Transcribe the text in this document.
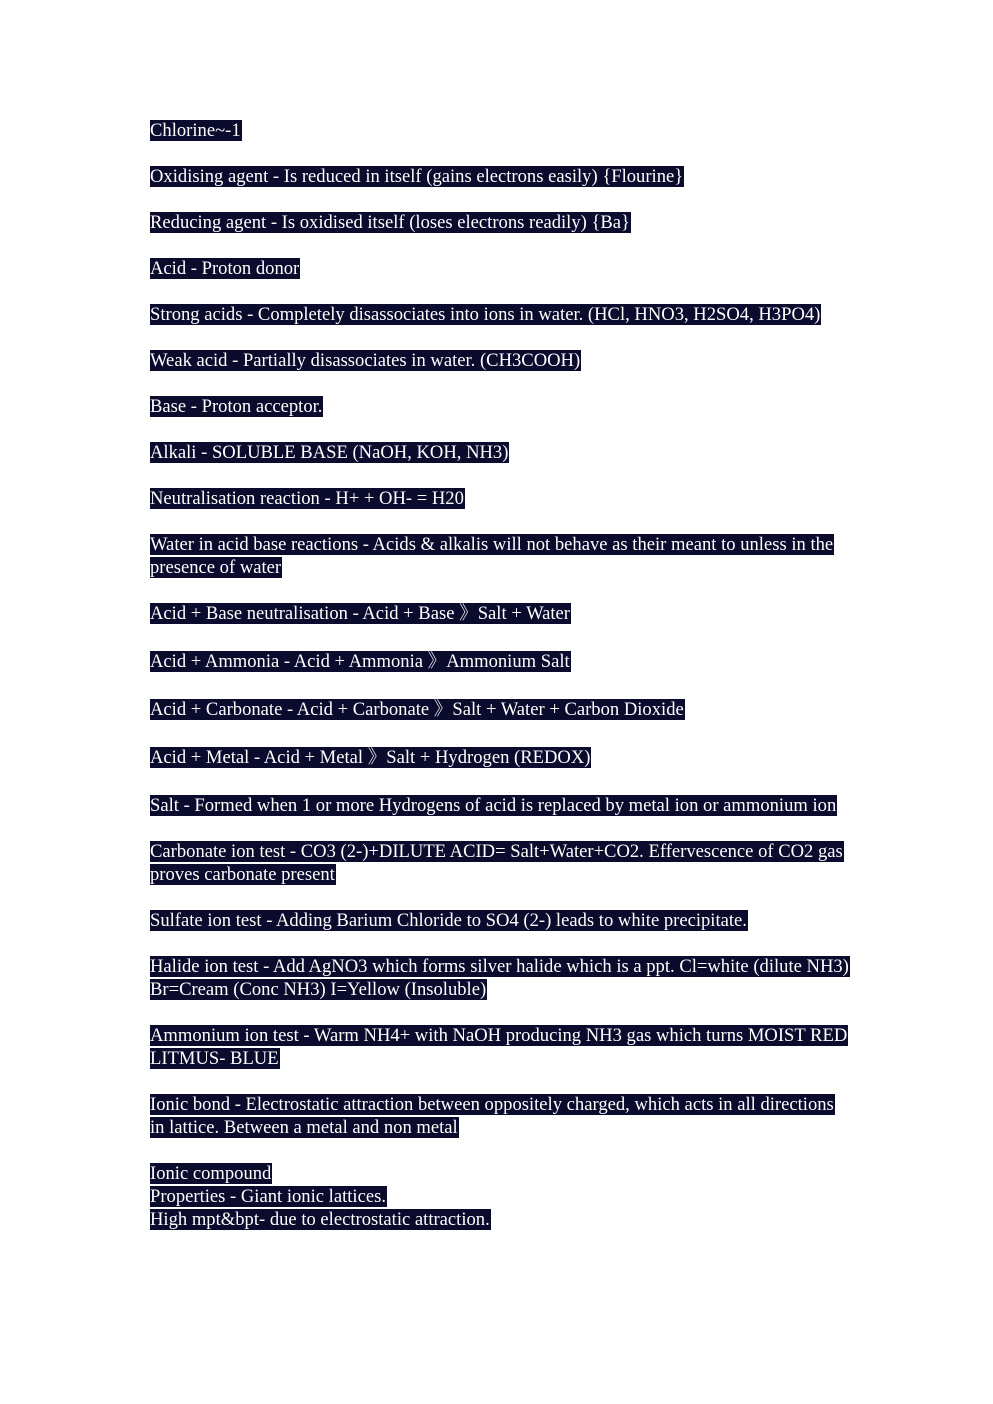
Chlorine~-1

Oxidising agent - Is reduced in itself (gains electrons easily) {Flourine}

Reducing agent - Is oxidised itself (loses electrons readily) {Ba}

Acid - Proton donor

Strong acids - Completely disassociates into ions in water. (HCl, HNO3, H2SO4, H3PO4)

Weak acid - Partially disassociates in water. (CH3COOH)

Base - Proton acceptor.

Alkali - SOLUBLE BASE (NaOH, KOH, NH3)

Neutralisation reaction - H+ + OH- = H20

Water in acid base reactions - Acids & alkalis will not behave as their meant to unless in the presence of water

Acid + Base neutralisation - Acid + Base 》Salt + Water

Acid + Ammonia - Acid + Ammonia 》Ammonium Salt

Acid + Carbonate - Acid + Carbonate 》Salt + Water + Carbon Dioxide

Acid + Metal - Acid + Metal 》Salt + Hydrogen (REDOX)

Salt - Formed when 1 or more Hydrogens of acid is replaced by metal ion or ammonium ion

Carbonate ion test - CO3 (2-)+DILUTE ACID= Salt+Water+CO2. Effervescence of CO2 gas proves carbonate present

Sulfate ion test - Adding Barium Chloride to SO4 (2-) leads to white precipitate.

Halide ion test - Add AgNO3 which forms silver halide which is a ppt. Cl=white (dilute NH3) Br=Cream (Conc NH3) I=Yellow (Insoluble)

Ammonium ion test - Warm NH4+ with NaOH producing NH3 gas which turns MOIST RED LITMUS- BLUE

Ionic bond - Electrostatic attraction between oppositely charged, which acts in all directions in lattice. Between a metal and non metal

Ionic compound
Properties - Giant ionic lattices.
High mpt&bpt- due to electrostatic attraction.
